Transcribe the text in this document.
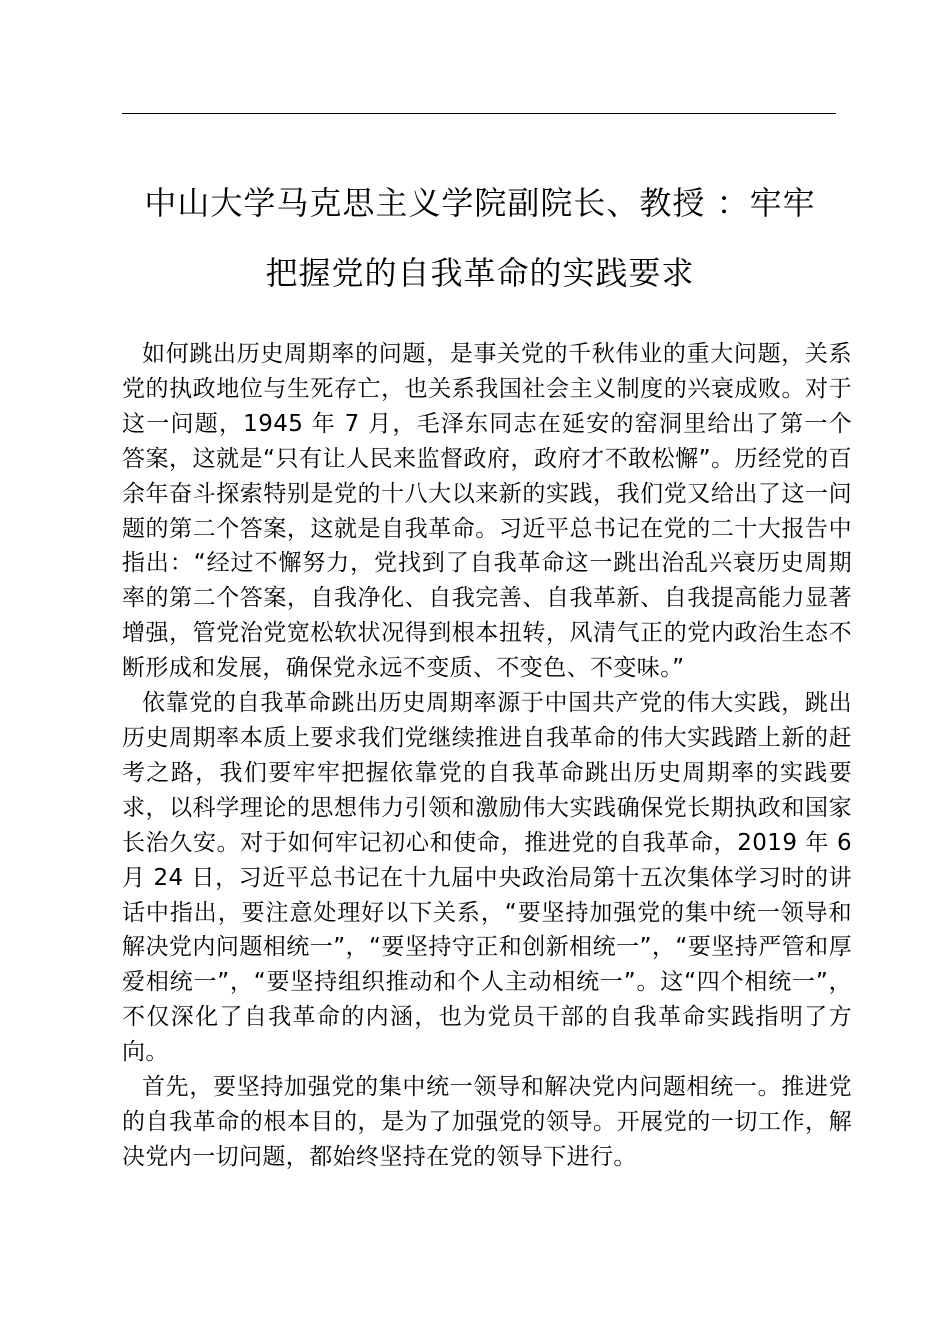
中山大学马克思主义学院副院长、教授 ：牢牢
把握党的自我革命的实践要求

如何跳出历史周期率的问题，是事关党的千秋伟业的重大问题，关系党的执政地位与生死存亡，也关系我国社会主义制度的兴衰成败。对于这一问题，1945 年 7 月，毛泽东同志在延安的窑洞里给出了第一个答案，这就是“只有让人民来监督政府，政府才不敢松懈”。历经党的百余年奋斗探索特别是党的十八大以来新的实践，我们党又给出了这一问题的第二个答案，这就是自我革命。习近平总书记在党的二十大报告中指出：“经过不懈努力，党找到了自我革命这一跳出治乱兴衰历史周期率的第二个答案，自我净化、自我完善、自我革新、自我提高能力显著增强，管党治党宽松软状况得到根本扭转，风清气正的党内政治生态不断形成和发展，确保党永远不变质、不变色、不变味。”

依靠党的自我革命跳出历史周期率源于中国共产党的伟大实践，跳出历史周期率本质上要求我们党继续推进自我革命的伟大实践踏上新的赶考之路，我们要牢牢把握依靠党的自我革命跳出历史周期率的实践要求，以科学理论的思想伟力引领和激励伟大实践确保党长期执政和国家长治久安。对于如何牢记初心和使命，推进党的自我革命，2019 年 6 月 24 日，习近平总书记在十九届中央政治局第十五次集体学习时的讲话中指出，要注意处理好以下关系，“要坚持加强党的集中统一领导和解决党内问题相统一”，“要坚持守正和创新相统一”，“要坚持严管和厚爱相统一”，“要坚持组织推动和个人主动相统一”。这“四个相统一”，不仅深化了自我革命的内涵，也为党员干部的自我革命实践指明了方向。

首先，要坚持加强党的集中统一领导和解决党内问题相统一。推进党的自我革命的根本目的，是为了加强党的领导。开展党的一切工作，解决党内一切问题，都始终坚持在党的领导下进行。
